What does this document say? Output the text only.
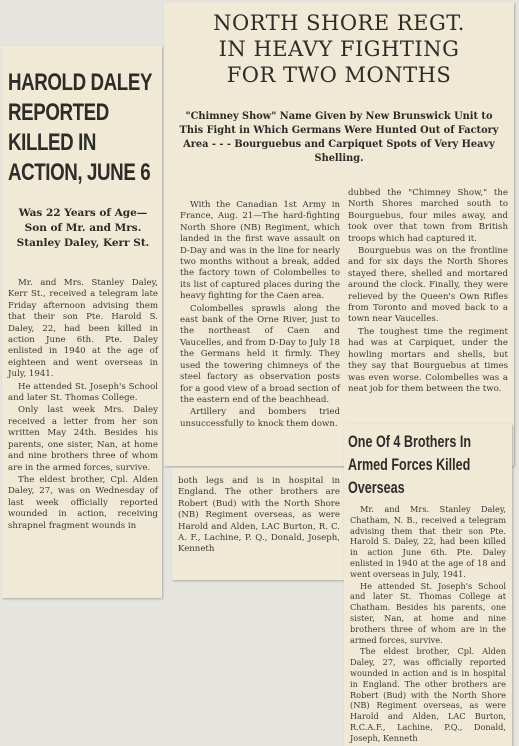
HAROLD DALEY REPORTED KILLED IN ACTION, JUNE 6
Was 22 Years of Age—Son of Mr. and Mrs. Stanley Daley, Kerr St.

Mr. and Mrs. Stanley Daley, Kerr St., received a telegram late Friday afternoon advising them that their son Pte. Harold S. Daley, 22, had been killed in action June 6th. Pte. Daley enlisted in 1940 at the age of eighteen and went overseas in July, 1941.

He attended St. Joseph's School and later St. Thomas College.

Only last week Mrs. Daley received a letter from her son written May 24th. Besides his parents, one sister, Nan, at home and nine brothers three of whom are in the armed forces, survive.

The eldest brother, Cpl. Alden Daley, 27, was on Wednesday of last week officially reported wounded in action, receiving shrapnel fragment wounds in

NORTH SHORE REGT.
IN HEAVY FIGHTING
FOR TWO MONTHS
"Chimney Show" Name Given by New Brunswick Unit to This Fight in Which Germans Were Hunted Out of Factory Area - - - Bourguebus and Carpiquet Spots of Very Heavy Shelling.

With the Canadian 1st Army in France, Aug. 21—The hard-fighting North Shore (NB) Regiment, which landed in the first wave assault on D-Day and was in the line for nearly two months without a break, added the factory town of Colombelles to its list of captured places during the heavy fighting for the Caen area.

Colombelles sprawls along the east bank of the Orne River, just to the northeast of Caen and Vaucelles, and from D-Day to July 18 the Germans held it firmly. They used the towering chimneys of the steel factory as observation posts for a good view of a broad section of the eastern end of the beachhead.

Artillery and bombers tried unsuccessfully to knock them down.

dubbed the "Chimney Show," the North Shores marched south to Bourguebus, four miles away, and took over that town from British troops which had captured it.

Bourguebus was on the frontline and for six days the North Shores stayed there, shelled and mortared around the clock. Finally, they were relieved by the Queen's Own Rifles from Toronto and moved back to a town near Vaucelles.

The toughest time the regiment had was at Carpiquet, under the howling mortars and shells, but they say that Bourguebus at times was even worse. Colombelles was a neat job for them between the two.

both legs and is in hospital in England. The other brothers are Robert (Bud) with the North Shore (NB) Regiment overseas, as were Harold and Alden, LAC Burton, R. C. A. F., Lachine, P. Q., Donald, Joseph, Kenneth

One Of 4 Brothers In Armed Forces Killed Overseas

Mr. and Mrs. Stanley Daley, Chatham, N. B., received a telegram advising them that their son Pte. Harold S. Daley, 22, had been killed in action June 6th. Pte. Daley enlisted in 1940 at the age of 18 and went overseas in July, 1941.

He attended St. Joseph's School and later St. Thomas College at Chatham. Besides his parents, one sister, Nan, at home and nine brothers three of whom are in the armed forces, survive.

The eldest brother, Cpl. Alden Daley, 27, was officially reported wounded in action and is in hospital in England. The other brothers are Robert (Bud) with the North Shore (NB) Regiment overseas, as were Harold and Alden, LAC Burton, R.C.A.F., Lachine, P.Q., Donald, Joseph, Kenneth
